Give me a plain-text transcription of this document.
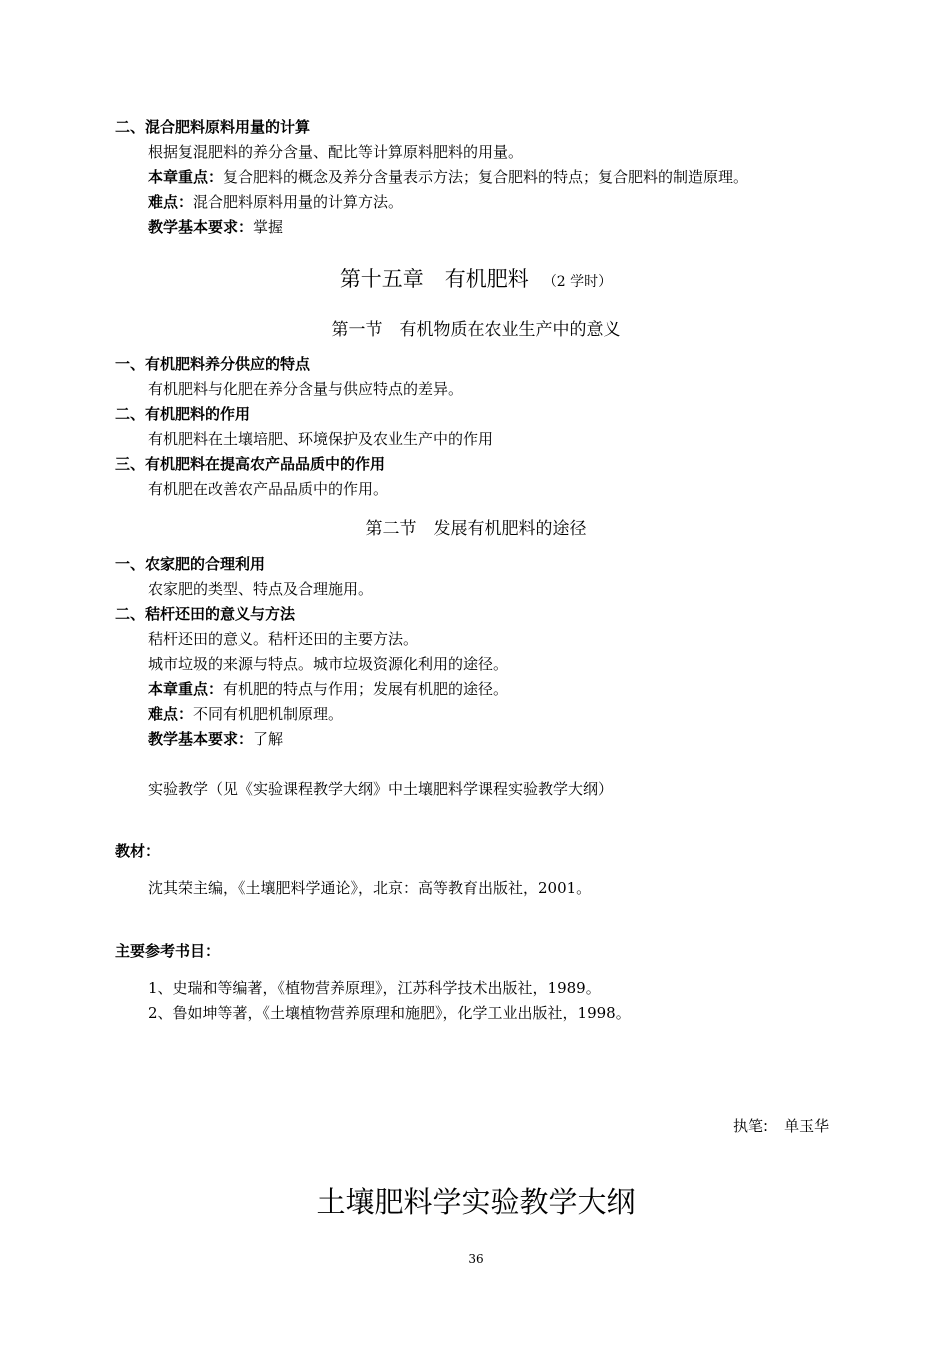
二、混合肥料原料用量的计算
根据复混肥料的养分含量、配比等计算原料肥料的用量。
本章重点：复合肥料的概念及养分含量表示方法；复合肥料的特点；复合肥料的制造原理。
难点：混合肥料原料用量的计算方法。
教学基本要求：掌握
第十五章　有机肥料 （2 学时）
第一节　有机物质在农业生产中的意义
一、有机肥料养分供应的特点
有机肥料与化肥在养分含量与供应特点的差异。
二、有机肥料的作用
有机肥料在土壤培肥、环境保护及农业生产中的作用
三、有机肥料在提高农产品品质中的作用
有机肥在改善农产品品质中的作用。
第二节　发展有机肥料的途径
一、农家肥的合理利用
农家肥的类型、特点及合理施用。
二、秸杆还田的意义与方法
秸杆还田的意义。秸杆还田的主要方法。
城市垃圾的来源与特点。城市垃圾资源化利用的途径。
本章重点：有机肥的特点与作用；发展有机肥的途径。
难点：不同有机肥机制原理。
教学基本要求：了解
实验教学（见《实验课程教学大纲》中土壤肥料学课程实验教学大纲）
教材：
沈其荣主编，《土壤肥料学通论》，北京：高等教育出版社，2001。
主要参考书目：
1、史瑞和等编著，《植物营养原理》，江苏科学技术出版社，1989。
2、鲁如坤等著，《土壤植物营养原理和施肥》，化学工业出版社，1998。
执笔: 单玉华
土壤肥料学实验教学大纲
36
